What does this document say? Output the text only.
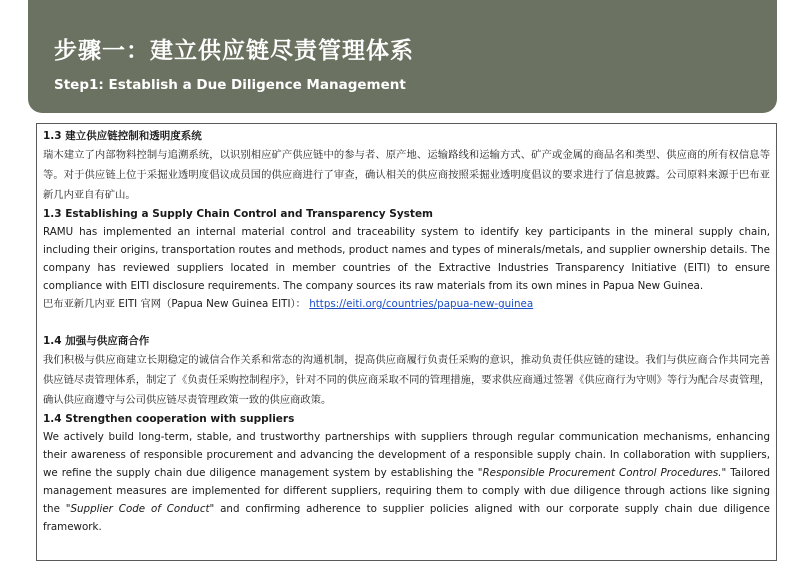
步骤一：建立供应链尽责管理体系
Step1: Establish a Due Diligence Management
1.3 建立供应链控制和透明度系统
瑞木建立了内部物料控制与追溯系统，以识别相应矿产供应链中的参与者、原产地、运输路线和运输方式、矿产或金属的商品名和类型、供应商的所有权信息等等。对于供应链上位于采掘业透明度倡议成员国的供应商进行了审查，确认相关的供应商按照采掘业透明度倡议的要求进行了信息披露。公司原料来源于巴布亚新几内亚自有矿山。
1.3 Establishing a Supply Chain Control and Transparency System
RAMU has implemented an internal material control and traceability system to identify key participants in the mineral supply chain, including their origins, transportation routes and methods, product names and types of minerals/metals, and supplier ownership details. The company has reviewed suppliers located in member countries of the Extractive Industries Transparency Initiative (EITI) to ensure compliance with EITI disclosure requirements. The company sources its raw materials from its own mines in Papua New Guinea.
巴布亚新几内亚 EITI 官网（Papua New Guinea EITI）： https://eiti.org/countries/papua-new-guinea
1.4 加强与供应商合作
我们积极与供应商建立长期稳定的诚信合作关系和常态的沟通机制，提高供应商履行负责任采购的意识，推动负责任供应链的建设。我们与供应商合作共同完善供应链尽责管理体系，制定了《负责任采购控制程序》，针对不同的供应商采取不同的管理措施，要求供应商通过签署《供应商行为守则》等行为配合尽责管理，确认供应商遵守与公司供应链尽责管理政策一致的供应商政策。
1.4 Strengthen cooperation with suppliers
We actively build long-term, stable, and trustworthy partnerships with suppliers through regular communication mechanisms, enhancing their awareness of responsible procurement and advancing the development of a responsible supply chain. In collaboration with suppliers, we refine the supply chain due diligence management system by establishing the "Responsible Procurement Control Procedures." Tailored management measures are implemented for different suppliers, requiring them to comply with due diligence through actions like signing the "Supplier Code of Conduct" and confirming adherence to supplier policies aligned with our corporate supply chain due diligence framework.
